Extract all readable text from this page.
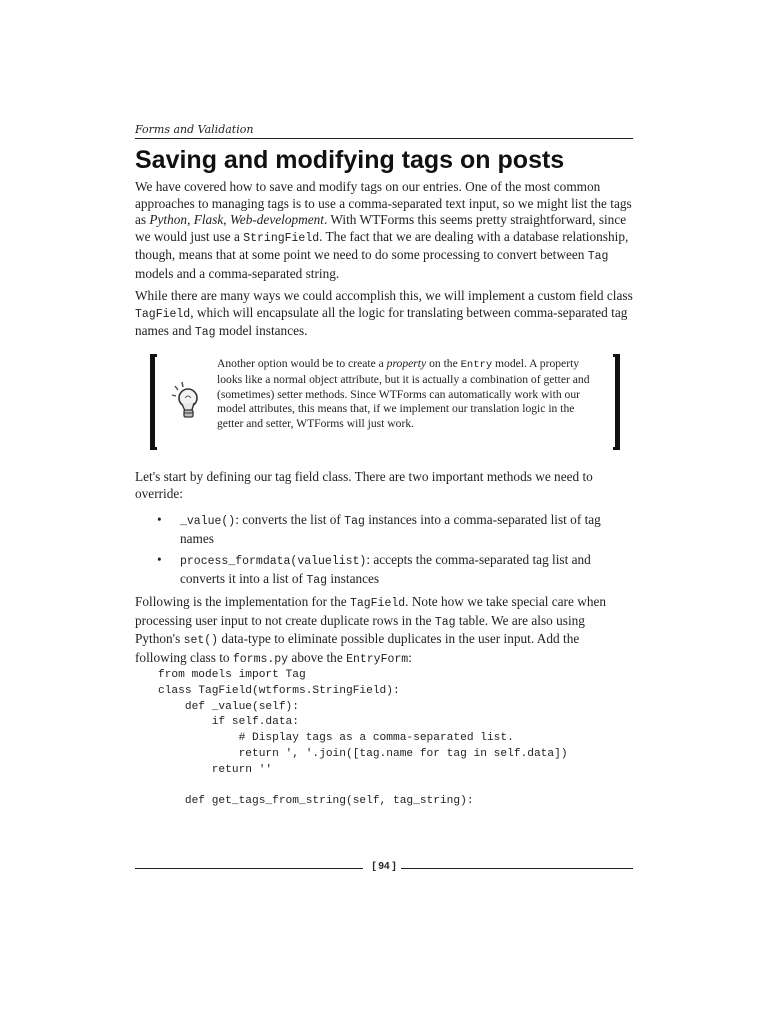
Forms and Validation
Saving and modifying tags on posts

We have covered how to save and modify tags on our entries. One of the most common approaches to managing tags is to use a comma-separated text input, so we might list the tags as Python, Flask, Web-development. With WTForms this seems pretty straightforward, since we would just use a StringField. The fact that we are dealing with a database relationship, though, means that at some point we need to do some processing to convert between Tag models and a comma-separated string.

While there are many ways we could accomplish this, we will implement a custom field class TagField, which will encapsulate all the logic for translating between comma-separated tag names and Tag model instances.

Another option would be to create a property on the Entry model. A property looks like a normal object attribute, but it is actually a combination of getter and (sometimes) setter methods. Since WTForms can automatically work with our model attributes, this means that, if we implement our translation logic in the getter and setter, WTForms will just work.

Let's start by defining our tag field class. There are two important methods we need to override:

• _value(): converts the list of Tag instances into a comma-separated list of tag names
• process_formdata(valuelist): accepts the comma-separated tag list and converts it into a list of Tag instances

Following is the implementation for the TagField. Note how we take special care when processing user input to not create duplicate rows in the Tag table. We are also using Python's set() data-type to eliminate possible duplicates in the user input. Add the following class to forms.py above the EntryForm:

from models import Tag
class TagField(wtforms.StringField):
def _value(self):
if self.data:
# Display tags as a comma-separated list.
return ', '.join([tag.name for tag in self.data])
return ''

def get_tags_from_string(self, tag_string):
[ 94 ]
